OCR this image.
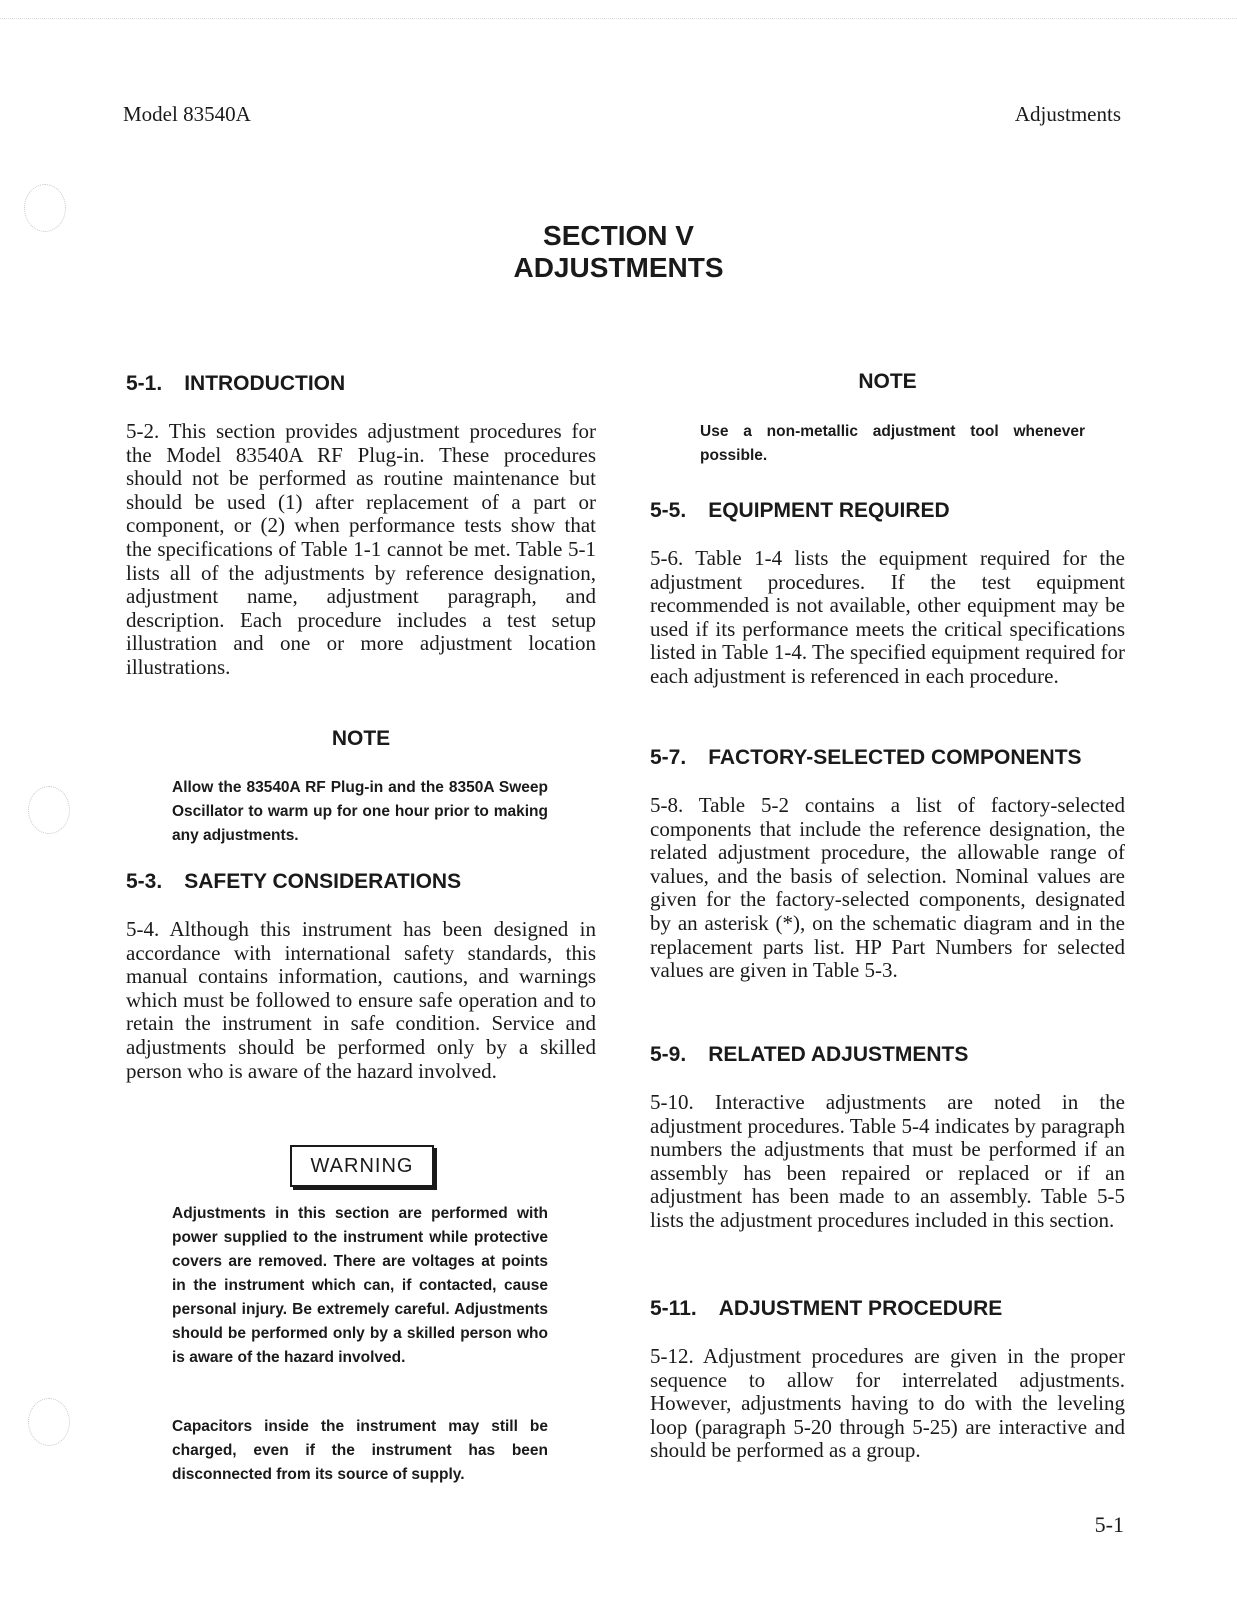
Model 83540A	Adjustments
SECTION V
ADJUSTMENTS

5-1. INTRODUCTION

5-2. This section provides adjustment procedures for the Model 83540A RF Plug-in. These procedures should not be performed as routine maintenance but should be used (1) after replacement of a part or component, or (2) when performance tests show that the specifications of Table 1-1 cannot be met. Table 5-1 lists all of the adjustments by reference designation, adjustment name, adjustment paragraph, and description. Each procedure includes a test setup illustration and one or more adjustment location illustrations.

NOTE

Allow the 83540A RF Plug-in and the 8350A Sweep Oscillator to warm up for one hour prior to making any adjustments.

5-3. SAFETY CONSIDERATIONS

5-4. Although this instrument has been designed in accordance with international safety standards, this manual contains information, cautions, and warnings which must be followed to ensure safe operation and to retain the instrument in safe condition. Service and adjustments should be performed only by a skilled person who is aware of the hazard involved.

WARNING

Adjustments in this section are performed with power supplied to the instrument while protective covers are removed. There are voltages at points in the instrument which can, if contacted, cause personal injury. Be extremely careful. Adjustments should be performed only by a skilled person who is aware of the hazard involved.

Capacitors inside the instrument may still be charged, even if the instrument has been disconnected from its source of supply.

NOTE

Use a non-metallic adjustment tool whenever possible.

5-5. EQUIPMENT REQUIRED

5-6. Table 1-4 lists the equipment required for the adjustment procedures. If the test equipment recommended is not available, other equipment may be used if its performance meets the critical specifications listed in Table 1-4. The specified equipment required for each adjustment is referenced in each procedure.

5-7. FACTORY-SELECTED COMPONENTS

5-8. Table 5-2 contains a list of factory-selected components that include the reference designation, the related adjustment procedure, the allowable range of values, and the basis of selection. Nominal values are given for the factory-selected components, designated by an asterisk (*), on the schematic diagram and in the replacement parts list. HP Part Numbers for selected values are given in Table 5-3.

5-9. RELATED ADJUSTMENTS

5-10. Interactive adjustments are noted in the adjustment procedures. Table 5-4 indicates by paragraph numbers the adjustments that must be performed if an assembly has been repaired or replaced or if an adjustment has been made to an assembly. Table 5-5 lists the adjustment procedures included in this section.

5-11. ADJUSTMENT PROCEDURE

5-12. Adjustment procedures are given in the proper sequence to allow for interrelated adjustments. However, adjustments having to do with the leveling loop (paragraph 5-20 through 5-25) are interactive and should be performed as a group.

5-1
